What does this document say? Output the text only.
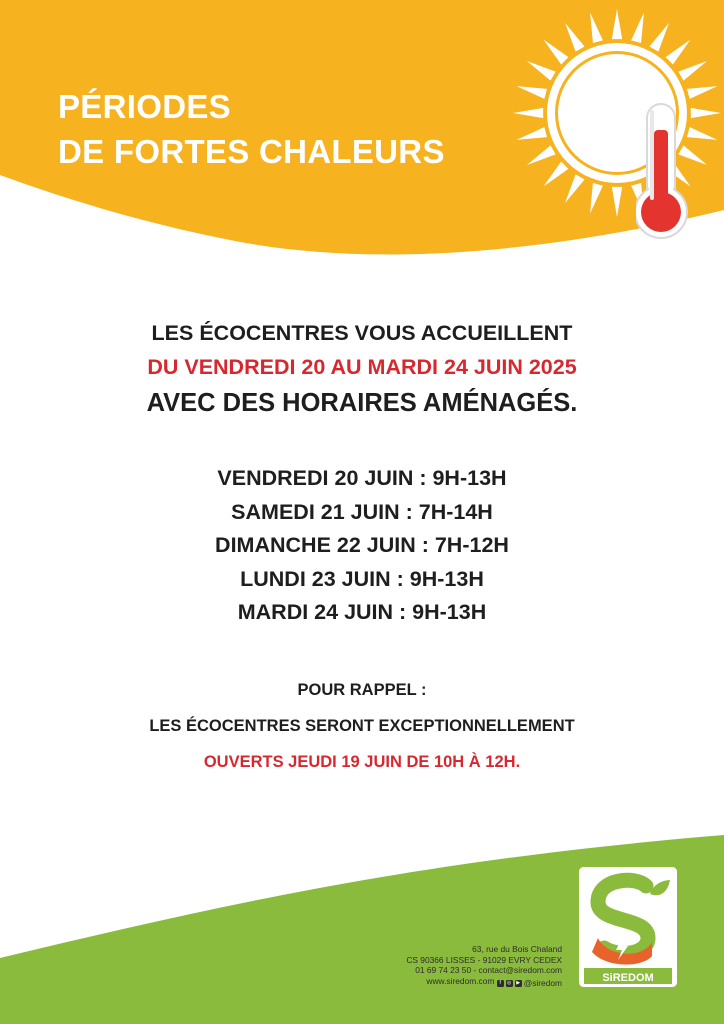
PÉRIODES
DE FORTES CHALEURS
LES ÉCOCENTRES VOUS ACCUEILLENT
DU VENDREDI 20 AU MARDI 24 JUIN 2025
AVEC DES HORAIRES AMÉNAGÉS.
VENDREDI 20 JUIN : 9H-13H
SAMEDI 21 JUIN : 7H-14H
DIMANCHE 22 JUIN : 7H-12H
LUNDI 23 JUIN : 9H-13H
MARDI 24 JUIN : 9H-13H
POUR RAPPEL :
LES ÉCOCENTRES SERONT EXCEPTIONNELLEMENT
OUVERTS JEUDI 19 JUIN DE 10H À 12H.
63, rue du Bois Chaland
CS 90366 LISSES - 91029 EVRY CEDEX
01 69 74 23 50 - contact@siredom.com
www.siredom.com	f	◎ ▶ @siredom	SiREDOM
